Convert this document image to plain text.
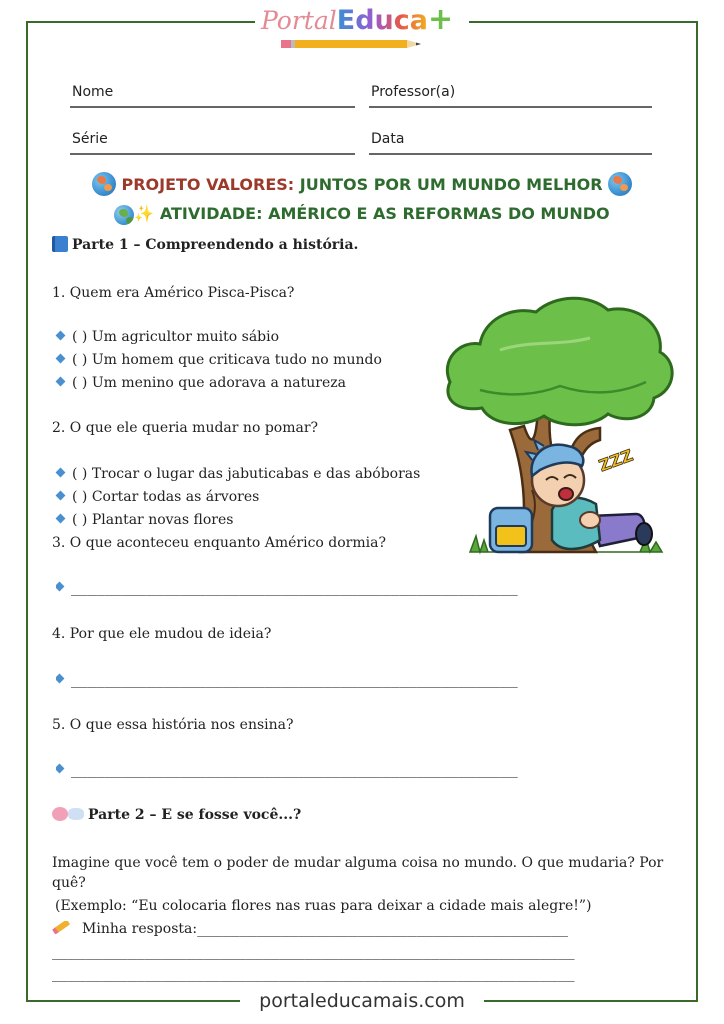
PortalEduca+
Nome	Professor(a)
Série	Data
PROJETO VALORES: JUNTOS POR UM MUNDO MELHOR
✨ ATIVIDADE: AMÉRICO E AS REFORMAS DO MUNDO
Parte 1 – Compreendendo a história.
1. Quem era Américo Pisca-Pisca?
( ) Um agricultor muito sábio
( ) Um homem que criticava tudo no mundo
( ) Um menino que adorava a natureza
2. O que ele queria mudar no pomar?
( ) Trocar o lugar das jabuticabas e das abóboras
( ) Cortar todas as árvores
( ) Plantar novas flores
3. O que aconteceu enquanto Américo dormia?
_____________________________________________________
4. Por que ele mudou de ideia?
_____________________________________________________
5. O que essa história nos ensina?
_____________________________________________________
Parte 2 – E se fosse você...?
Imagine que você tem o poder de mudar alguma coisa no mundo. O que mudaria? Por quê?
(Exemplo: “Eu colocaria flores nas ruas para deixar a cidade mais alegre!”)
Minha resposta:____________________________________________
______________________________________________________________
______________________________________________________________
ZZZ
portaleducamais.com
